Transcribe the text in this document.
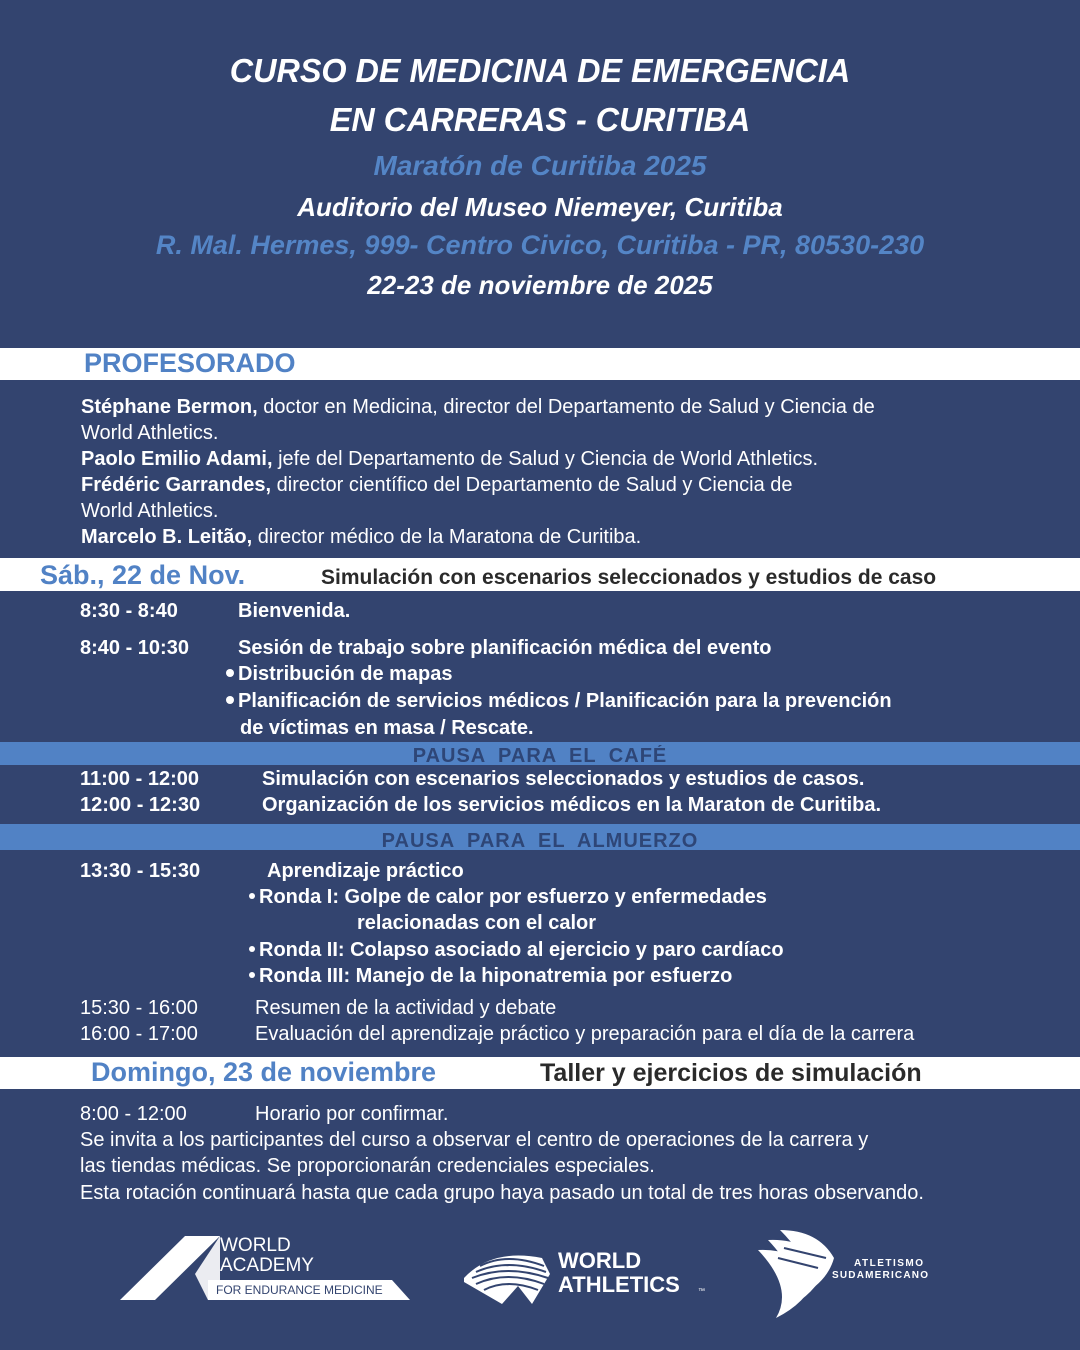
CURSO DE MEDICINA DE EMERGENCIA
EN CARRERAS - CURITIBA
Maratón de Curitiba 2025
Auditorio del Museo Niemeyer, Curitiba
R. Mal. Hermes, 999- Centro Civico, Curitiba - PR, 80530-230
22-23 de noviembre de 2025
PROFESORADO
Stéphane Bermon, doctor en Medicina, director del Departamento de Salud y Ciencia de
World Athletics.
Paolo Emilio Adami, jefe del Departamento de Salud y Ciencia de World Athletics.
Frédéric Garrandes, director científico del Departamento de Salud y Ciencia de
World Athletics.
Marcelo B. Leitão, director médico de la Maratona de Curitiba.
Sáb., 22 de Nov.	Simulación con escenarios seleccionados y estudios de caso
8:30 - 8:40	Bienvenida.
8:40 - 10:30 Sesión de trabajo sobre planificación médica del evento
Distribución de mapas
Planificación de servicios médicos / Planificación para la prevención
de víctimas en masa / Rescate.
PAUSA PARA EL CAFÉ
11:00 - 12:00	Simulación con escenarios seleccionados y estudios de casos.
12:00 - 12:30	Organización de los servicios médicos en la Maraton de Curitiba.
PAUSA PARA EL ALMUERZO
13:30 - 15:30	Aprendizaje práctico
Ronda I: Golpe de calor por esfuerzo y enfermedades
relacionadas con el calor
Ronda II: Colapso asociado al ejercicio y paro cardíaco
Ronda III: Manejo de la hiponatremia por esfuerzo
15:30 - 16:00	Resumen de la actividad y debate
16:00 - 17:00	Evaluación del aprendizaje práctico y preparación para el día de la carrera
Domingo, 23 de noviembre	Taller y ejercicios de simulación
8:00 - 12:00	Horario por confirmar.
Se invita a los participantes del curso a observar el centro de operaciones de la carrera y
las tiendas médicas. Se proporcionarán credenciales especiales.
Esta rotación continuará hasta que cada grupo haya pasado un total de tres horas observando.
WORLD
ACADEMY
FOR ENDURANCE MEDICINE
WORLD
ATHLETICS	™
ATLETISMO
SUDAMERICANO
